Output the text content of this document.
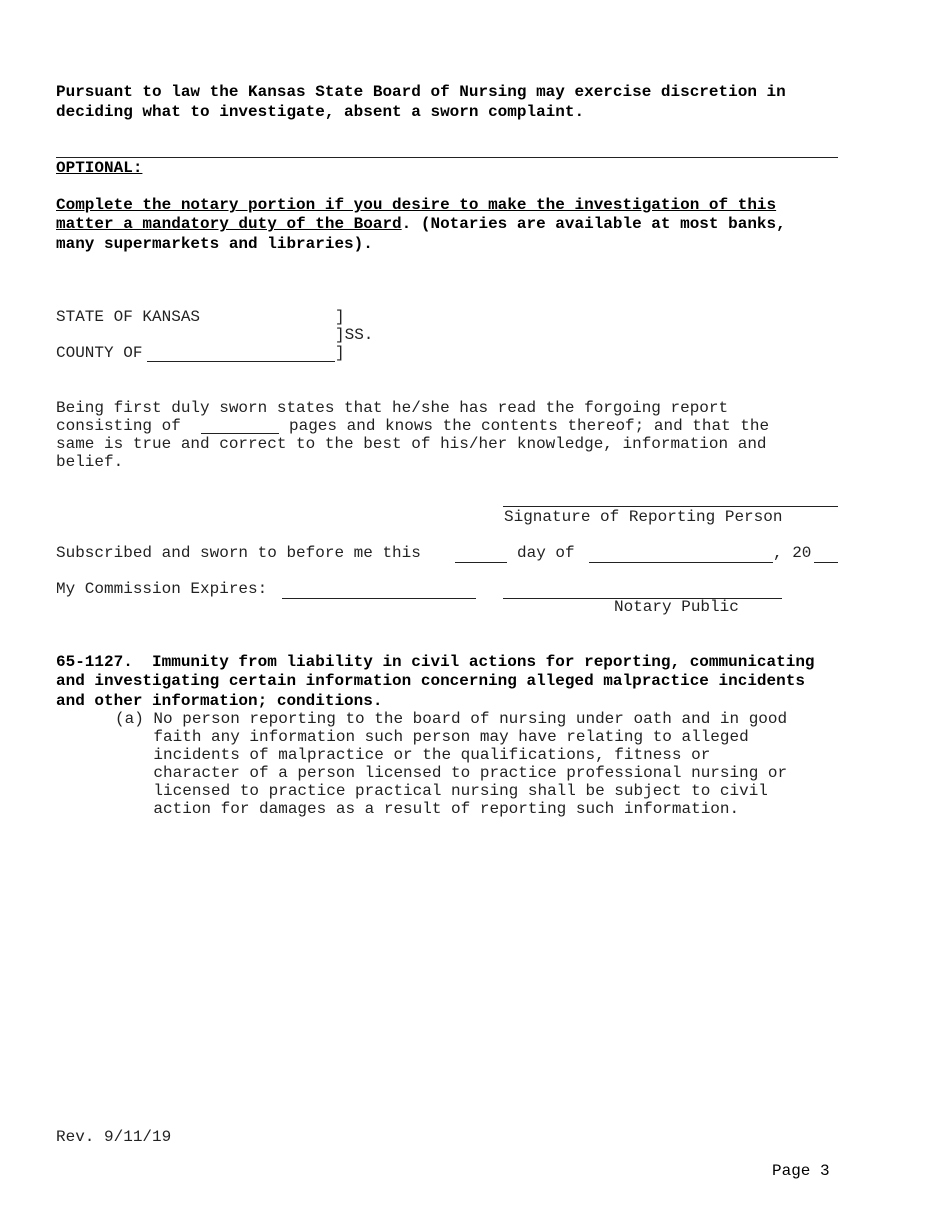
Pursuant to law the Kansas State Board of Nursing may exercise discretion in
deciding what to investigate, absent a sworn complaint.
OPTIONAL:
Complete the notary portion if you desire to make the investigation of this
matter a mandatory duty of the Board. (Notaries are available at most banks,
many supermarkets and libraries).
STATE OF KANSAS	]
]SS.
COUNTY OF	]
Being first duly sworn states that he/she has read the forgoing report
consisting of	pages and knows the contents thereof; and that the
same is true and correct to the best of his/her knowledge, information and
belief.
Signature of Reporting Person
Subscribed and sworn to before me this	day of	, 20
My Commission Expires:
Notary Public
65-1127.  Immunity from liability in civil actions for reporting, communicating
and investigating certain information concerning alleged malpractice incidents
and other information; conditions.
(a) No person reporting to the board of nursing under oath and in good
faith any information such person may have relating to alleged
incidents of malpractice or the qualifications, fitness or
character of a person licensed to practice professional nursing or
licensed to practice practical nursing shall be subject to civil
action for damages as a result of reporting such information.
Rev. 9/11/19
Page 3
